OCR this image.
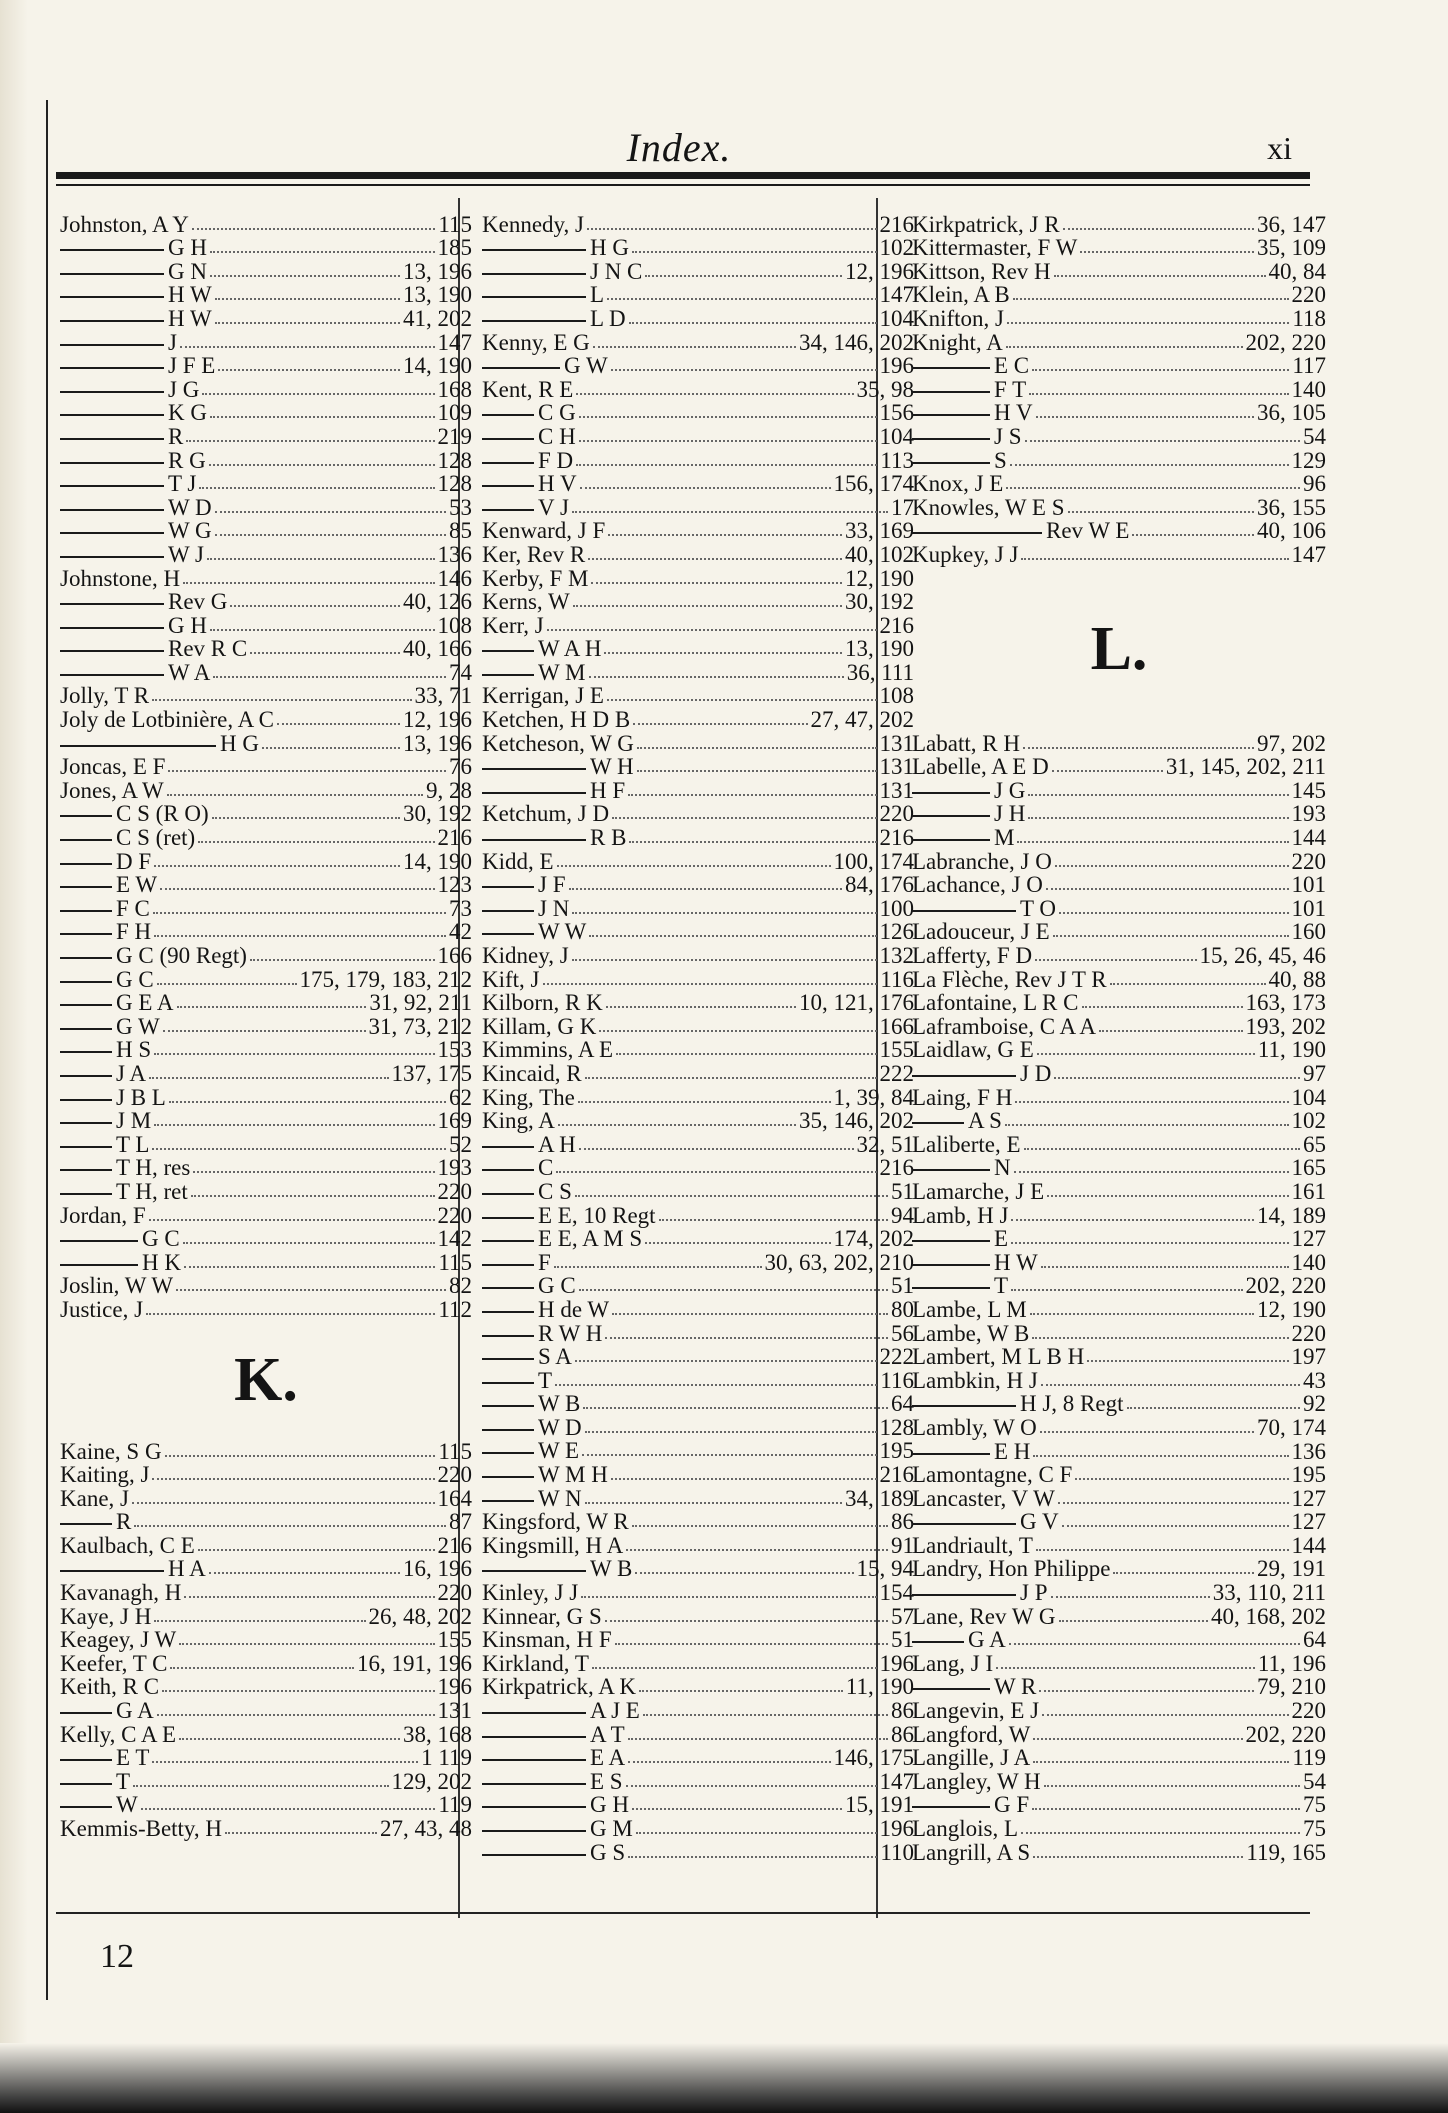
Index.	xi
Johnston, A Y	115
G H	185
G N	13, 196
H W	13, 190
H W	41, 202
J	147
J F E	14, 190
J G	168
K G	109
R	219
R G	128
T J	128
W D	53
W G	85
W J	136
Johnstone, H	146
Rev G	40, 126
G H	108
Rev R C	40, 166
W A	74
Jolly, T R	33, 71
Joly de Lotbinière, A C	12, 196
H G	13, 196
Joncas, E F	76
Jones, A W	9, 28
C S (R O)	30, 192
C S (ret)	216
D F	14, 190
E W	123
F C	73
F H	42
G C (90 Regt)	166
G C	175, 179, 183, 212
G E A	31, 92, 211
G W	31, 73, 212
H S	153
J A	137, 175
J B L	62
J M	169
T L	52
T H, res	193
T H, ret	220
Jordan, F	220
G C	142
H K	115
Joslin, W W	82
Justice, J	112
K.
Kaine, S G	115
Kaiting, J	220
Kane, J	164
R	87
Kaulbach, C E	216
H A	16, 196
Kavanagh, H	220
Kaye, J H	26, 48, 202
Keagey, J W	155
Keefer, T C	16, 191, 196
Keith, R C	196
G A	131
Kelly, C A E	38, 168
E T	1 119
T	129, 202
W	119
Kemmis-Betty, H	27, 43, 48
Kennedy, J	216
H G	102
J N C	12, 196
L	147
L D	104
Kenny, E G	34, 146, 202
G W	196
Kent, R E	35, 98
C G	156
C H	104
F D	113
H V	156, 174
V J	17
Kenward, J F	33, 169
Ker, Rev R	40, 102
Kerby, F M	12, 190
Kerns, W	30, 192
Kerr, J	216
W A H	13, 190
W M	36, 111
Kerrigan, J E	108
Ketchen, H D B	27, 47, 202
Ketcheson, W G	131
W H	131
H F	131
Ketchum, J D	220
R B	216
Kidd, E	100, 174
J F	84, 176
J N	100
W W	126
Kidney, J	132
Kift, J	116
Kilborn, R K	10, 121, 176
Killam, G K	166
Kimmins, A E	155
Kincaid, R	222
King, The	1, 39, 84
King, A	35, 146, 202
A H	32, 51
C	216
C S	51
E E, 10 Regt	94
E E, A M S	174, 202
F	30, 63, 202, 210
G C	51
H de W	80
R W H	56
S A	222
T	116
W B	64
W D	128
W E	195
W M H	216
W N	34, 189
Kingsford, W R	86
Kingsmill, H A	91
W B	15, 94
Kinley, J J	154
Kinnear, G S	57
Kinsman, H F	51
Kirkland, T	196
Kirkpatrick, A K	11, 190
A J E	86
A T	86
E A	146, 175
E S	147
G H	15, 191
G M	196
G S	110
Kirkpatrick, J R	36, 147
Kittermaster, F W	35, 109
Kittson, Rev H	40, 84
Klein, A B	220
Knifton, J	118
Knight, A	202, 220
E C	117
F T	140
H V	36, 105
J S	54
S	129
Knox, J E	96
Knowles, W E S	36, 155
Rev W E	40, 106
Kupkey, J J	147
L.
Labatt, R H	97, 202
Labelle, A E D	31, 145, 202, 211
J G	145
J H	193
M	144
Labranche, J O	220
Lachance, J O	101
T O	101
Ladouceur, J E	160
Lafferty, F D	15, 26, 45, 46
La Flèche, Rev J T R	40, 88
Lafontaine, L R C	163, 173
Laframboise, C A A	193, 202
Laidlaw, G E	11, 190
J D	97
Laing, F H	104
A S	102
Laliberte, E	65
N	165
Lamarche, J E	161
Lamb, H J	14, 189
E	127
H W	140
T	202, 220
Lambe, L M	12, 190
Lambe, W B	220
Lambert, M L B H	197
Lambkin, H J	43
H J, 8 Regt	92
Lambly, W O	70, 174
E H	136
Lamontagne, C F	195
Lancaster, V W	127
G V	127
Landriault, T	144
Landry, Hon Philippe	29, 191
J P	33, 110, 211
Lane, Rev W G	40, 168, 202
G A	64
Lang, J I	11, 196
W R	79, 210
Langevin, E J	220
Langford, W	202, 220
Langille, J A	119
Langley, W H	54
G F	75
Langlois, L	75
Langrill, A S	119, 165
12
